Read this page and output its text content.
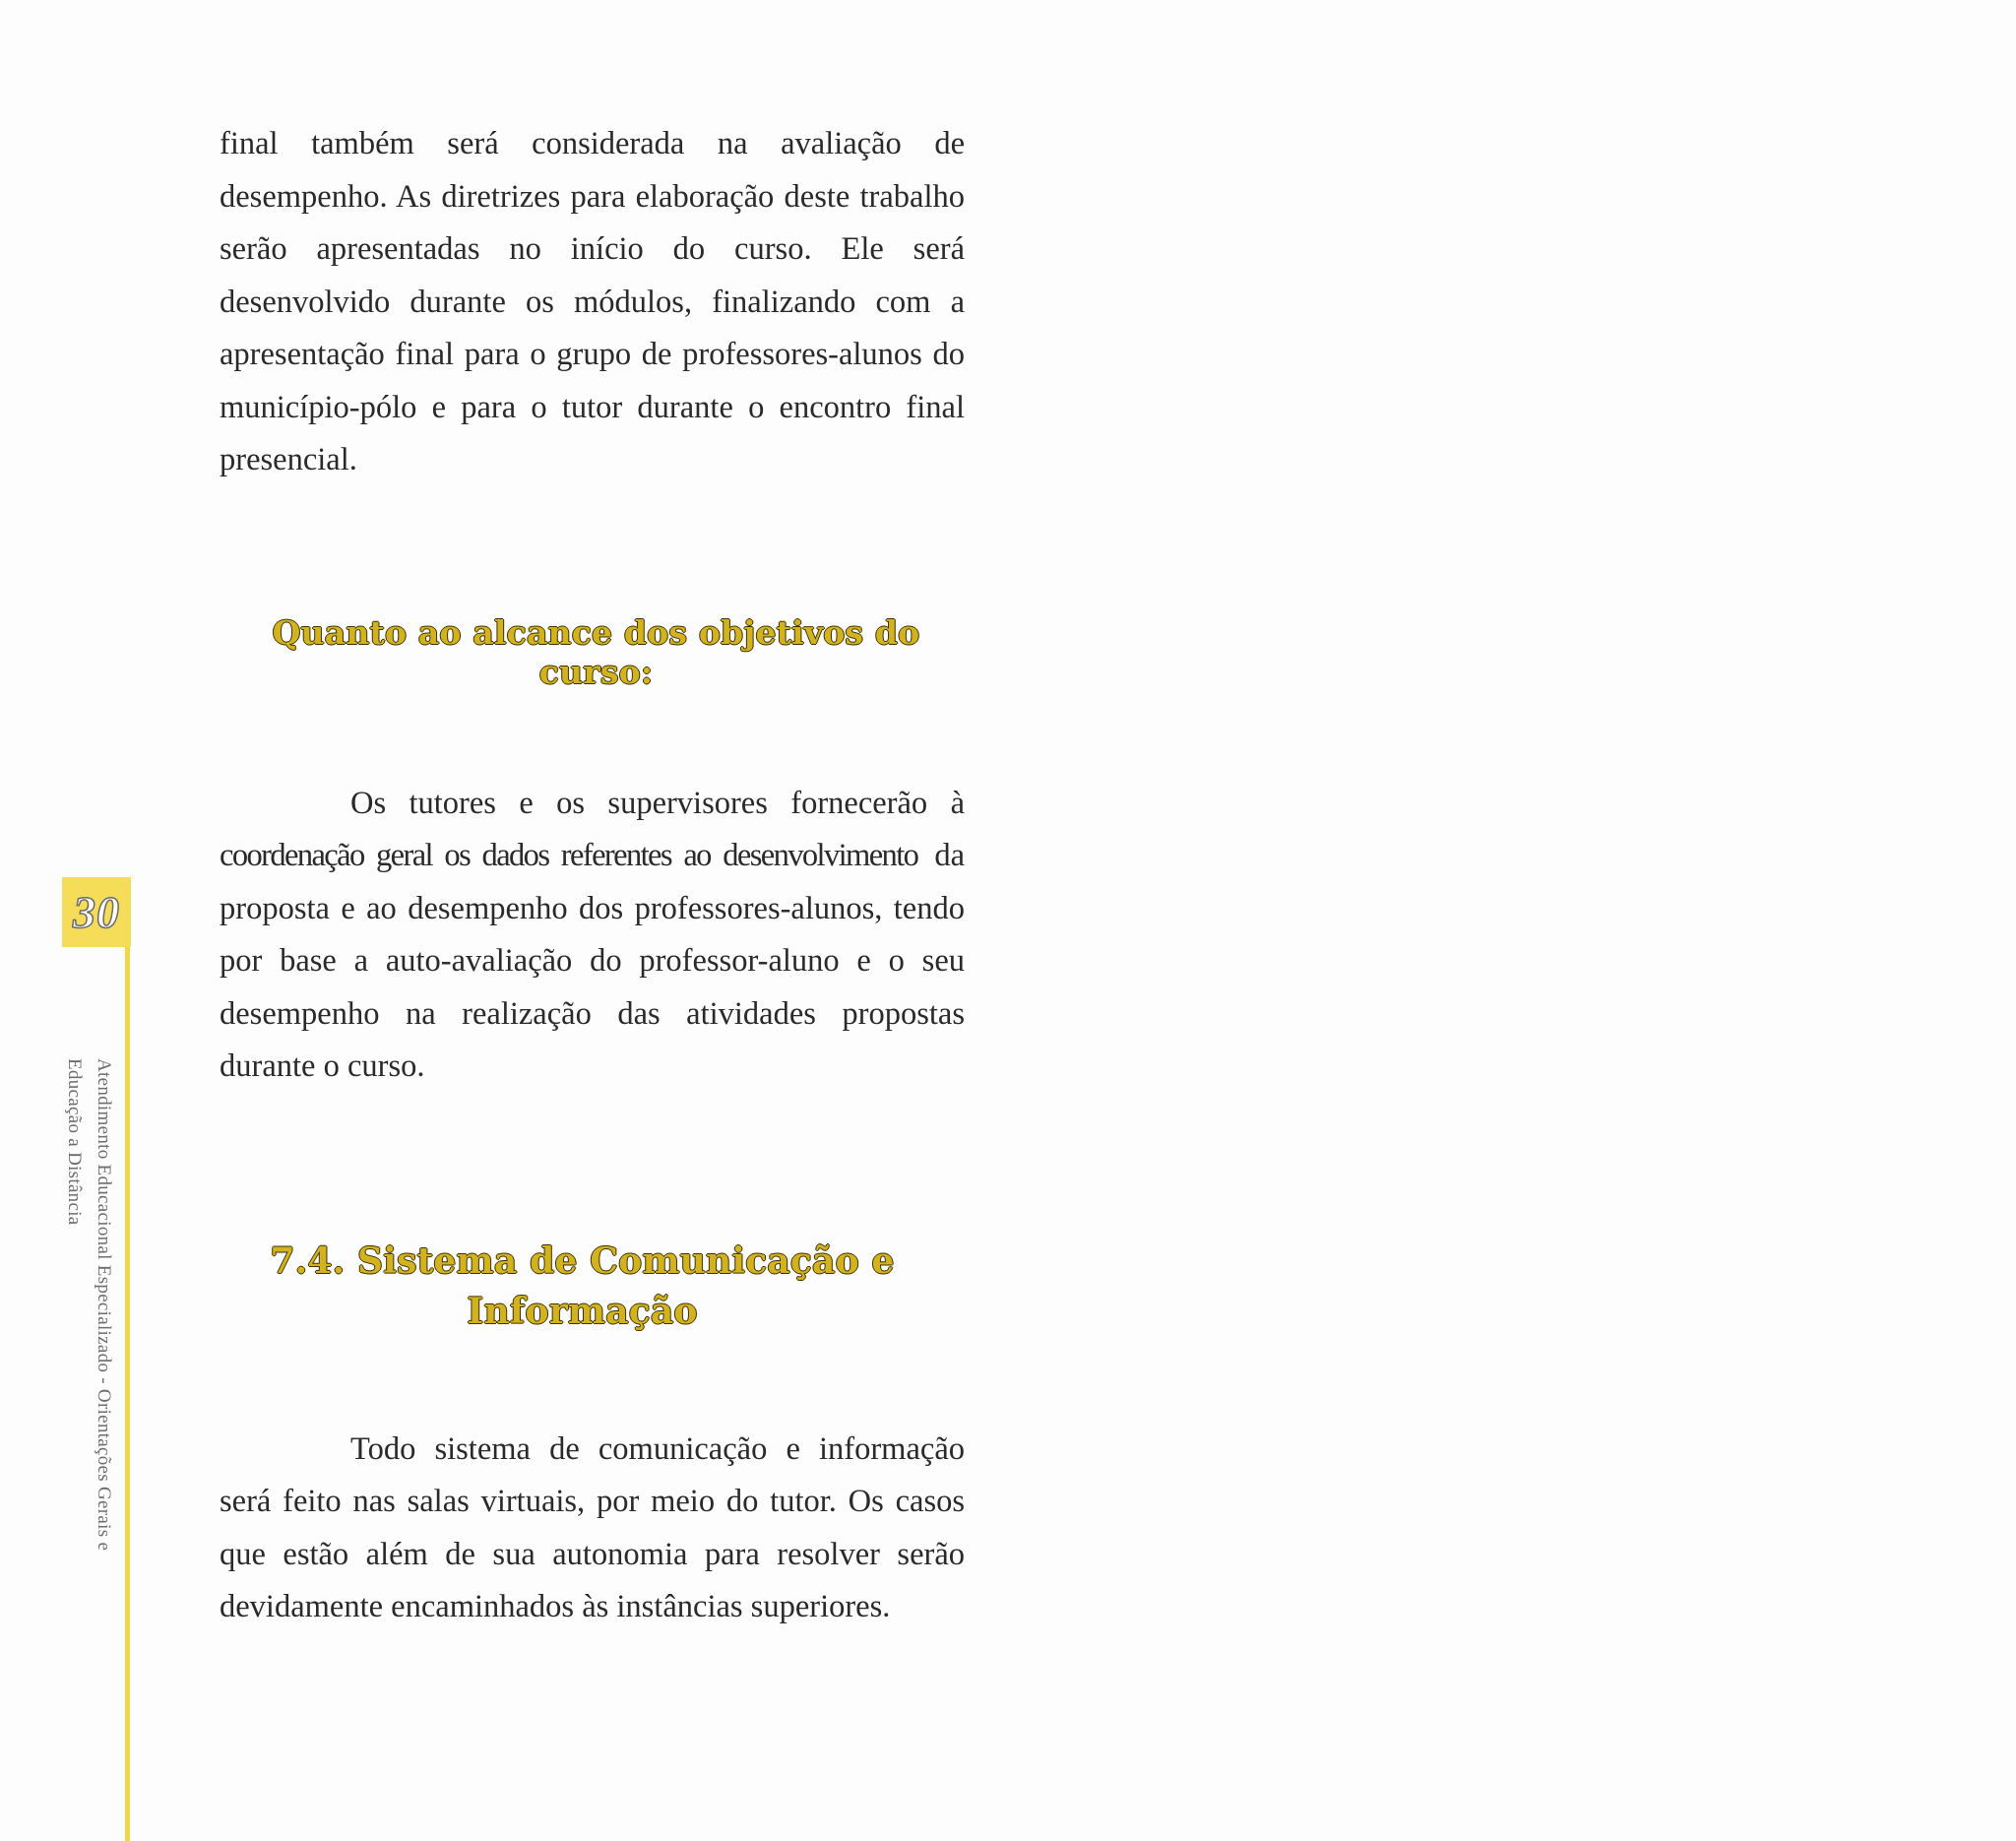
30
Atendimento Educacional Especializado - Orientações Gerais e
Educação a Distância

final também será considerada na avaliação de desempenho. As diretrizes para elaboração deste trabalho serão apresentadas no início do curso. Ele será desenvolvido durante os módulos, finalizando com a apresentação final para o grupo de professores-alunos do município-pólo e para o tutor durante o encontro final presencial.

Quanto ao alcance dos objetivos do curso:

Os tutores e os supervisores fornecerão à coordenação geral os dados referentes ao desenvolvimento da proposta e ao desempenho dos professores-alunos, tendo por base a auto-avaliação do professor-aluno e o seu desempenho na realização das atividades propostas durante o curso.

7.4. Sistema de Comunicação e
Informação

Todo sistema de comunicação e informação será feito nas salas virtuais, por meio do tutor. Os casos que estão além de sua autonomia para resolver serão devidamente encaminhados às instâncias superiores.
